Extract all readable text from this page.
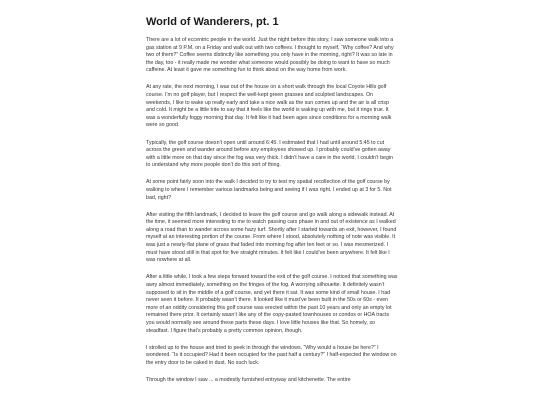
World of Wanderers, pt. 1

There are a lot of eccentric people in the world. Just the night before this story, I saw someone walk into a gas station at 9 P.M. on a Friday and walk out with two coffees. I thought to myself, “Why coffee? And why two of them?” Coffee seems distinctly like something you only have in the morning, right? It was so late in the day, too - it really made me wonder what someone would possibly be doing to want to have so much caffeine. At least it gave me something fun to think about on the way home from work.

At any rate, the next morning, I was out of the house on a short walk through the local Coyote Hills golf course. I’m no golf player, but I respect the well-kept green grasses and sculpted landscapes. On weekends, I like to wake up really early and take a nice walk as the sun comes up and the air is all crisp and cold. It might be a little trite to say that it feels like the world is waking up with me, but it rings true. It was a wonderfully foggy morning that day. It felt like it had been ages since conditions for a morning walk were so good.

Typically, the golf course doesn’t open until around 6:45. I estimated that I had until around 5:45 to cut across the green and wander around before any employees showed up. I probably could’ve gotten away with a little more on that day since the fog was very thick. I didn’t have a care in the world. I couldn’t begin to understand why more people don’t do this sort of thing.

At some point fairly soon into the walk I decided to try to test my spatial recollection of the golf course by walking to where I remember various landmarks being and seeing if I was right. I ended up at 3 for 5. Not bad, right?

After visiting the fifth landmark, I decided to leave the golf course and go walk along a sidewalk instead. At the time, it seemed more interesting to me to watch passing cars phase in and out of existence as I walked along a road than to wander across some hazy turf. Shortly after I started towards an exit, however, I found myself at an interesting portion of the course. From where I stood, absolutely nothing of note was visible. It was just a nearly-flat plane of grass that faded into morning fog after ten feet or so. I was mesmerized. I must have stood still in that spot for five straight minutes. It felt like I could’ve been anywhere. It felt like I was nowhere at all.

After a little while, I took a few steps forward toward the exit of the golf course. I noticed that something was awry almost immediately, something on the fringes of the fog. A worrying silhouette. It definitely wasn’t supposed to sit in the middle of a golf course, and yet there it sat. It was some kind of small house. I had never seen it before. It probably wasn’t there. It looked like it must’ve been built in the 50s or 60s - even more of an oddity considering this golf course was erected within the past 10 years and only an empty lot remained there prior. It certainly wasn’t like any of the copy-pasted townhouses or condos or HOA tracts you would normally see around these parts these days. I love little houses like that. So homely, so steadfast. I figure that’s probably a pretty common opinion, though.

I strolled up to the house and tried to peek in through the windows. “Why would a house be here?” I wondered. “Is it occupied? Had it been occupied for the past half a century?” I half-expected the window on the entry door to be caked in dust. No such luck.

Through the window I saw ... a modestly furnished entryway and kitchenette. The entire
